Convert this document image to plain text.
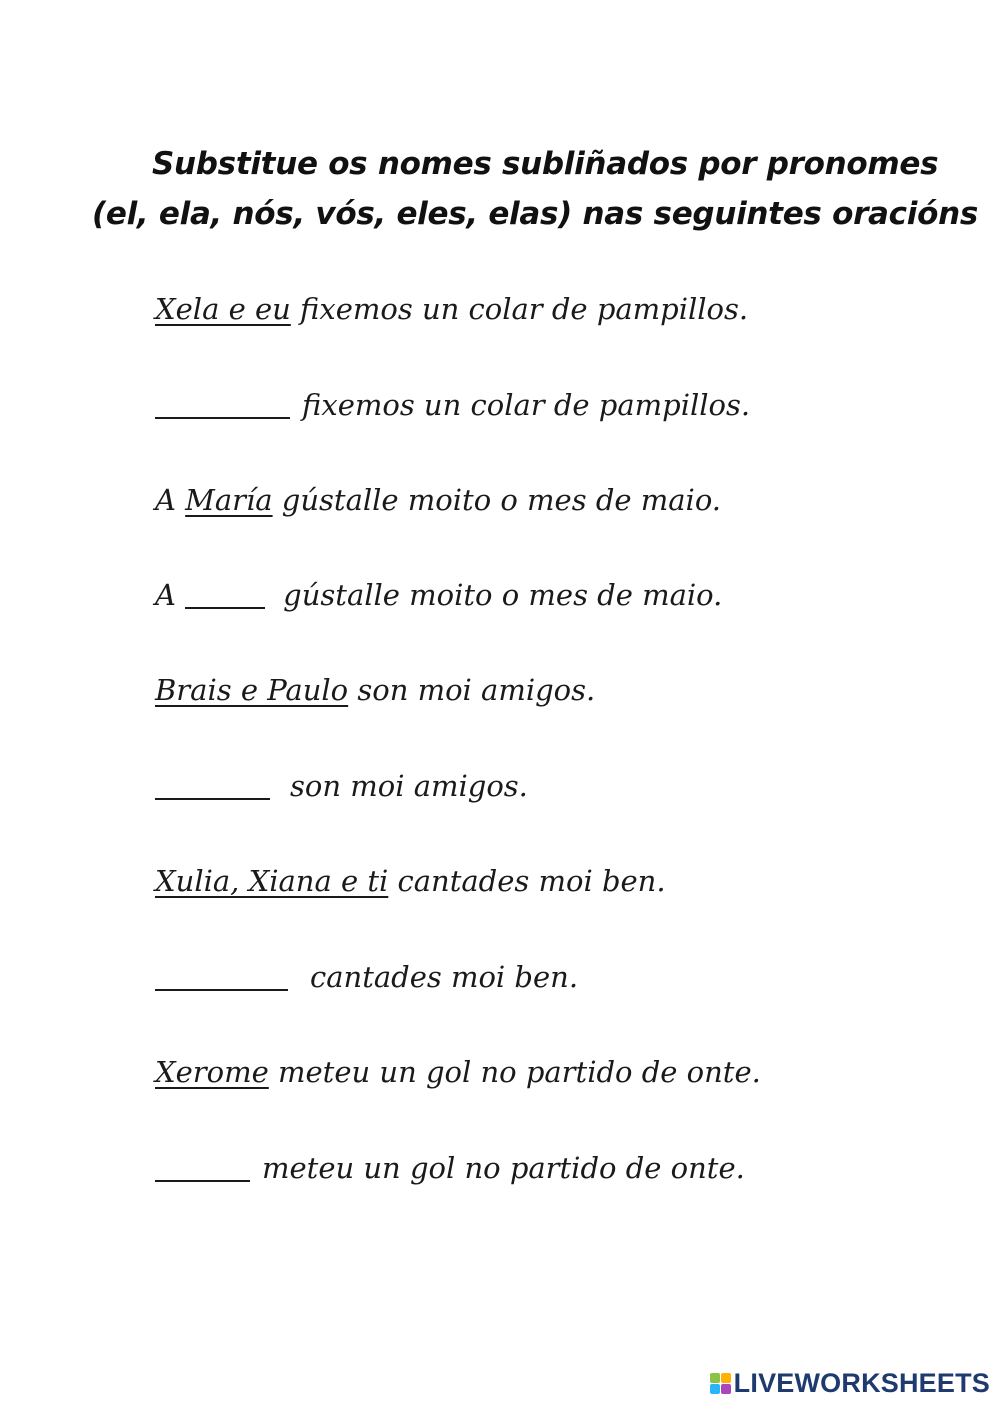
Substitue os nomes subliñados por pronomes
(el, ela, nós, vós, eles, elas) nas seguintes oracións
Xela e eu fixemos un colar de pampillos.
fixemos un colar de pampillos.
A María gústalle moito o mes de maio.
A	gústalle moito o mes de maio.
Brais e Paulo son moi amigos.
son moi amigos.
Xulia, Xiana e ti cantades moi ben.
cantades moi ben.
Xerome meteu un gol no partido de onte.
meteu un gol no partido de onte.
LIVEWORKSHEETS
